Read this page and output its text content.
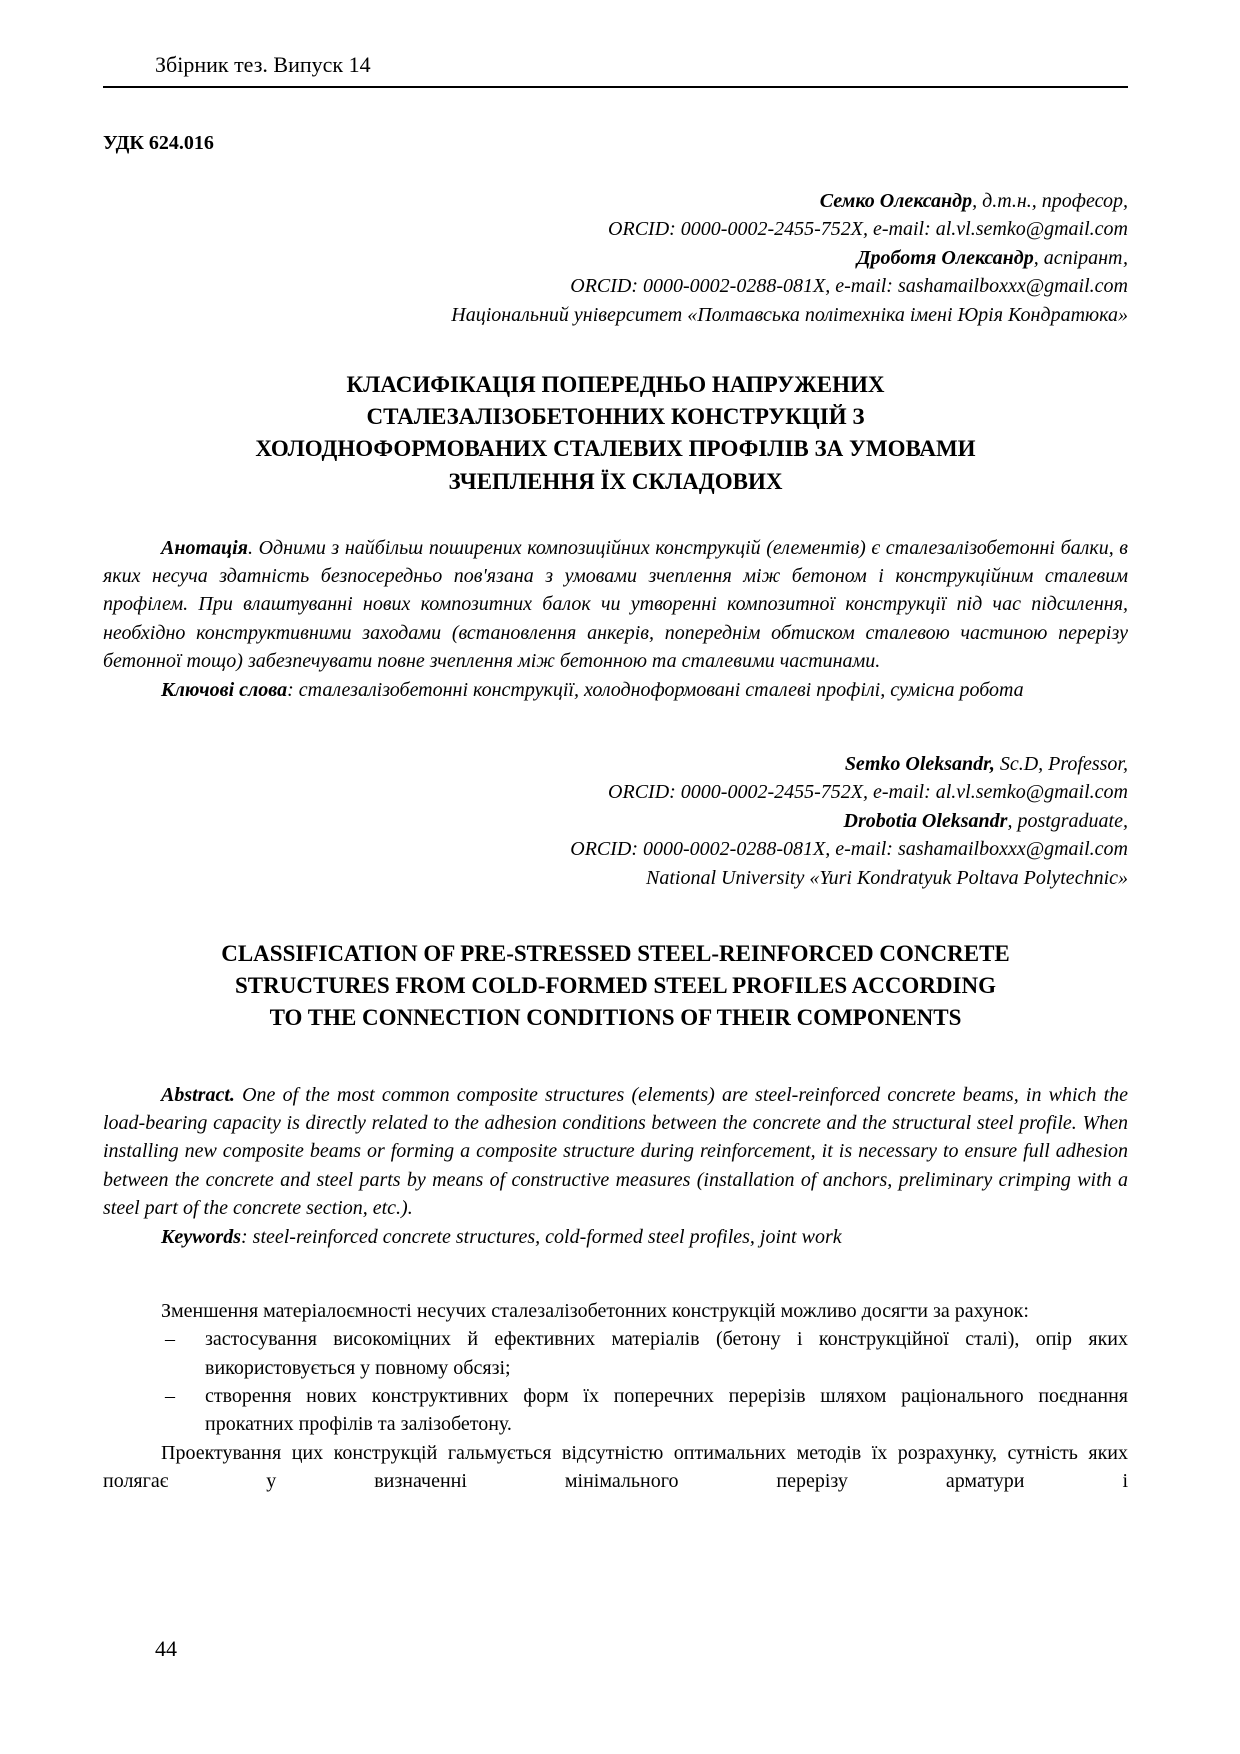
Збірник тез. Випуск 14

УДК 624.016

Семко Олександр, д.т.н., професор,

ORCID: 0000-0002-2455-752X, e-mail: al.vl.semko@gmail.com

Дроботя Олександр, аспірант,

ORCID: 0000-0002-0288-081X, e-mail: sashamailboxxx@gmail.com

Національний університет «Полтавська політехніка імені Юрія Кондратюка»

КЛАСИФІКАЦІЯ ПОПЕРЕДНЬО НАПРУЖЕНИХ
СТАЛЕЗАЛІЗОБЕТОННИХ КОНСТРУКЦІЙ З
ХОЛОДНОФОРМОВАНИХ СТАЛЕВИХ ПРОФІЛІВ ЗА УМОВАМИ
ЗЧЕПЛЕННЯ ЇХ СКЛАДОВИХ

Анотація. Одними з найбільш поширених композиційних конструкцій (елементів) є сталезалізобетонні балки, в яких несуча здатність безпосередньо пов'язана з умовами зчеплення між бетоном і конструкційним сталевим профілем. При влаштуванні нових композитних балок чи утворенні композитної конструкції під час підсилення, необхідно конструктивними заходами (встановлення анкерів, попереднім обтиском сталевою частиною перерізу бетонної тощо) забезпечувати повне зчеплення між бетонною та сталевими частинами.

Ключові слова: сталезалізобетонні конструкції, холодноформовані сталеві профілі, сумісна робота

Semko Oleksandr, Sc.D, Professor,

ORCID: 0000-0002-2455-752X, e-mail: al.vl.semko@gmail.com

Drobotia Oleksandr, postgraduate,

ORCID: 0000-0002-0288-081X, e-mail: sashamailboxxx@gmail.com

National University «Yuri Kondratyuk Poltava Polytechnic»

CLASSIFICATION OF PRE-STRESSED STEEL-REINFORCED CONCRETE
STRUCTURES FROM COLD-FORMED STEEL PROFILES ACCORDING
TO THE CONNECTION CONDITIONS OF THEIR COMPONENTS

Abstract. One of the most common composite structures (elements) are steel-reinforced concrete beams, in which the load-bearing capacity is directly related to the adhesion conditions between the concrete and the structural steel profile. When installing new composite beams or forming a composite structure during reinforcement, it is necessary to ensure full adhesion between the concrete and steel parts by means of constructive measures (installation of anchors, preliminary crimping with a steel part of the concrete section, etc.).

Keywords: steel-reinforced concrete structures, cold-formed steel profiles, joint work

Зменшення матеріалоємності несучих сталезалізобетонних конструкцій можливо досягти за рахунок:

–	застосування високоміцних й ефективних матеріалів (бетону і конструкційної сталі), опір яких використовується у повному обсязі;
–	створення нових конструктивних форм їх поперечних перерізів шляхом раціонального поєднання прокатних профілів та залізобетону.

Проектування цих конструкцій гальмується відсутністю оптимальних методів їх розрахунку, сутність яких полягає у визначенні мінімального перерізу арматури і

44
